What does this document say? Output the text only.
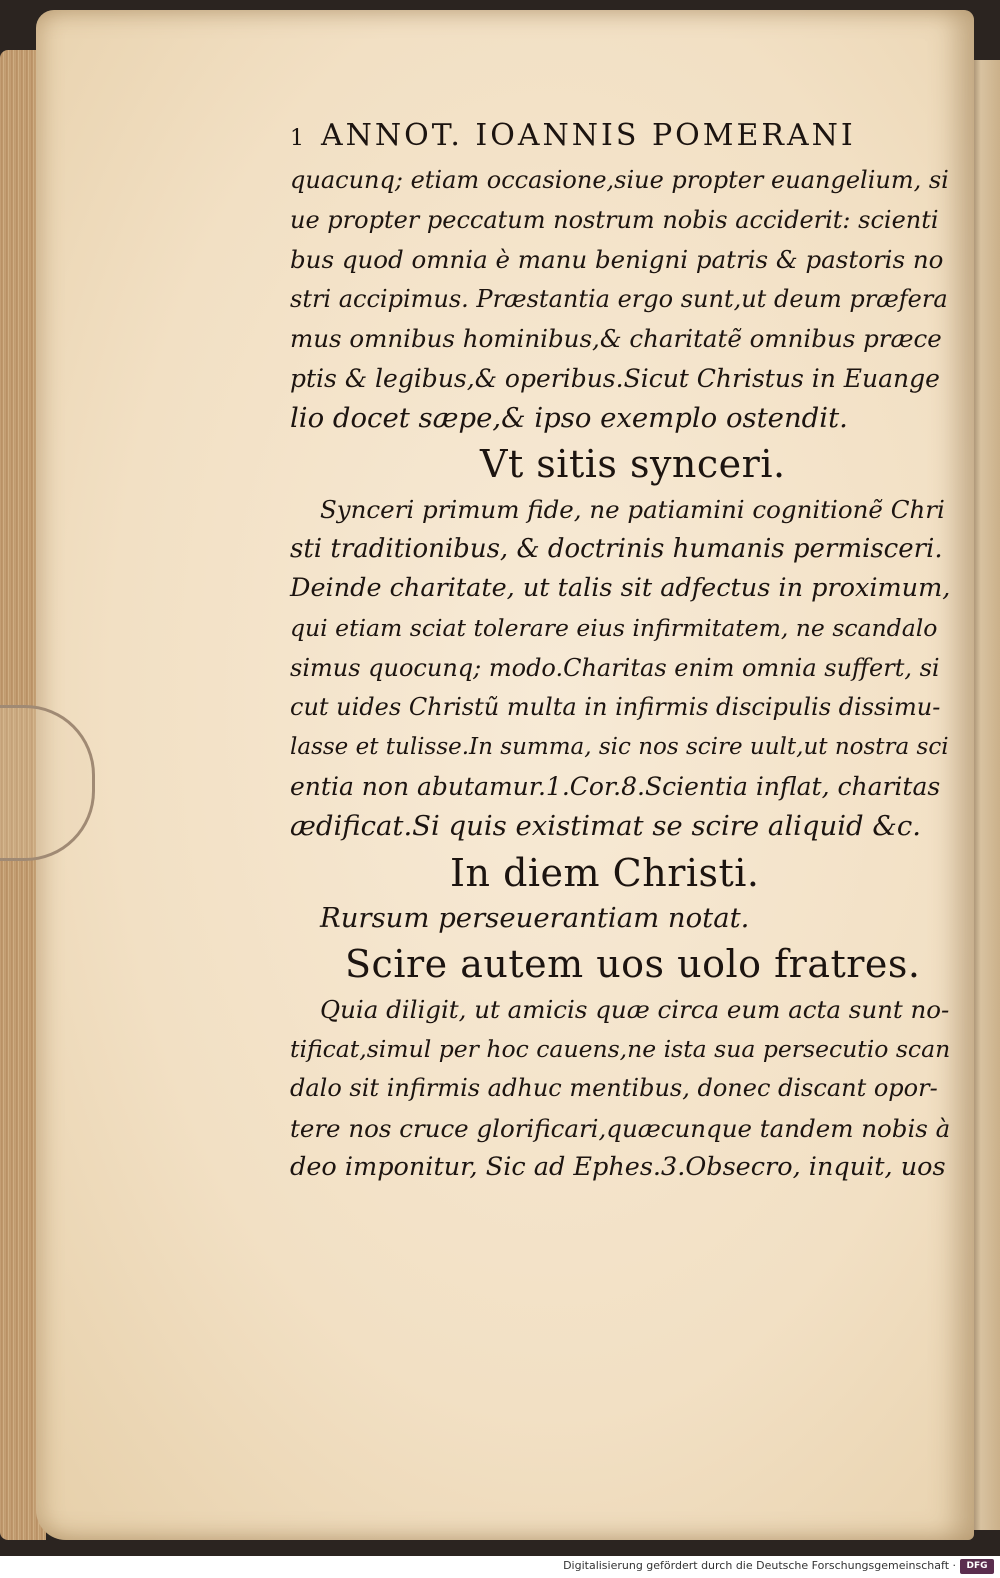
1 ANNOT. IOANNIS POMERANI

quacunq; etiam occasione,siue propter euangelium, si

ue propter peccatum nostrum nobis acciderit: scienti

bus quod omnia è manu benigni patris & pastoris no

stri accipimus. Præstantia ergo sunt,ut deum præfera

mus omnibus hominibus,& charitatẽ omnibus præce

ptis & legibus,& operibus.Sicut Christus in Euange

lio docet sæpe,& ipso exemplo ostendit.

Vt sitis synceri.

Synceri primum fide, ne patiamini cognitionẽ Chri

sti traditionibus, & doctrinis humanis permisceri.

Deinde charitate, ut talis sit adfectus in proximum,

qui etiam sciat tolerare eius infirmitatem, ne scandalo

simus quocunq; modo.Charitas enim omnia suffert, si

cut uides Christũ multa in infirmis discipulis dissimu-

lasse et tulisse.In summa, sic nos scire uult,ut nostra sci

entia non abutamur.1.Cor.8.Scientia inflat, charitas

ædificat.Si quis existimat se scire aliquid &c.

In diem Christi.

Rursum perseuerantiam notat.

Scire autem uos uolo fratres.

Quia diligit, ut amicis quæ circa eum acta sunt no-

tificat,simul per hoc cauens,ne ista sua persecutio scan

dalo sit infirmis adhuc mentibus, donec discant opor-

tere nos cruce glorificari,quæcunque tandem nobis à

deo imponitur, Sic ad Ephes.3.Obsecro, inquit, uos

Digitalisierung gefördert durch die Deutsche Forschungsgemeinschaft ·	DFG
